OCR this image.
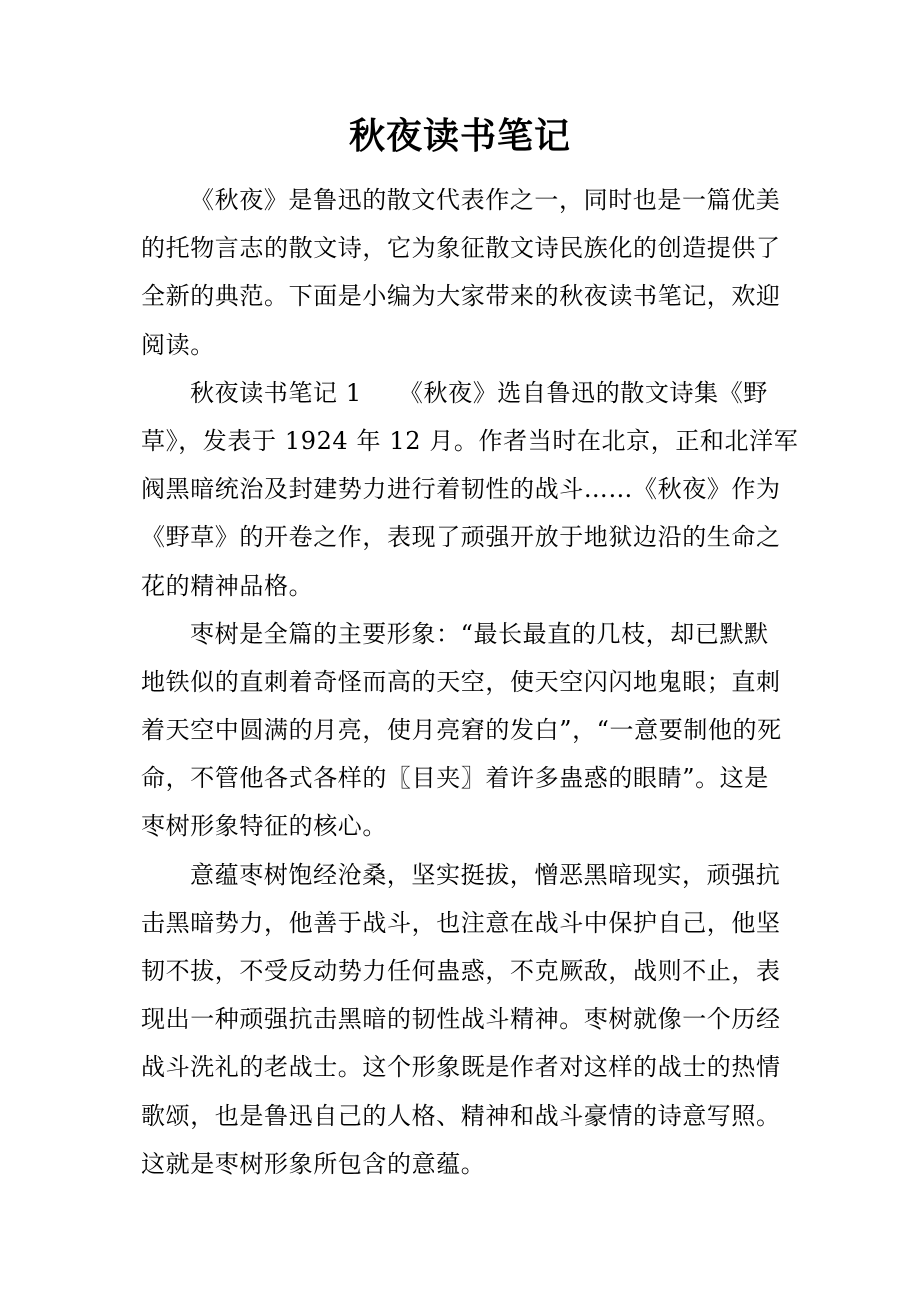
秋夜读书笔记
《秋夜》是鲁迅的散文代表作之一，同时也是一篇优美
的托物言志的散文诗，它为象征散文诗民族化的创造提供了
全新的典范。下面是小编为大家带来的秋夜读书笔记，欢迎
阅读。
秋夜读书笔记 1　　《秋夜》选自鲁迅的散文诗集《野
草》，发表于 1924 年 12 月。作者当时在北京，正和北洋军
阀黑暗统治及封建势力进行着韧性的战斗……《秋夜》作为
《野草》的开卷之作，表现了顽强开放于地狱边沿的生命之
花的精神品格。
枣树是全篇的主要形象：“最长最直的几枝，却已默默
地铁似的直刺着奇怪而高的天空，使天空闪闪地鬼眼；直刺
着天空中圆满的月亮，使月亮窘的发白”，“一意要制他的死
命，不管他各式各样的〖目夹〗着许多蛊惑的眼睛”。这是
枣树形象特征的核心。
意蕴枣树饱经沧桑，坚实挺拔，憎恶黑暗现实，顽强抗
击黑暗势力，他善于战斗，也注意在战斗中保护自己，他坚
韧不拔，不受反动势力任何蛊惑，不克厥敌，战则不止，表
现出一种顽强抗击黑暗的韧性战斗精神。枣树就像一个历经
战斗洗礼的老战士。这个形象既是作者对这样的战士的热情
歌颂，也是鲁迅自己的人格、精神和战斗豪情的诗意写照。
这就是枣树形象所包含的意蕴。
